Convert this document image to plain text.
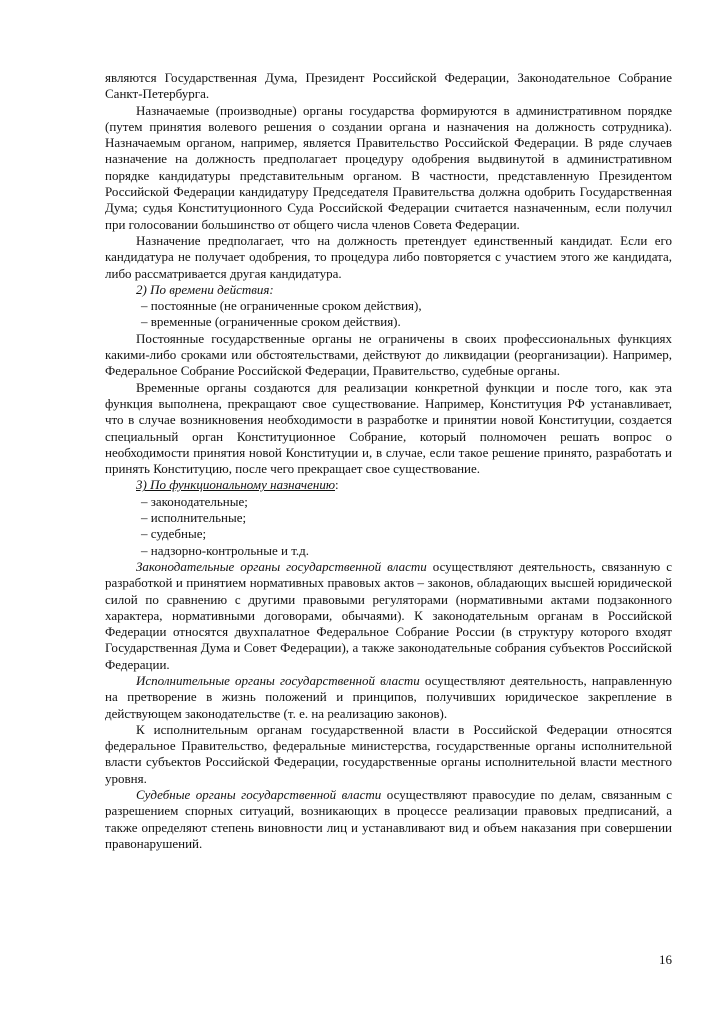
являются Государственная Дума, Президент Российской Федерации, Законодательное Собрание Санкт-Петербурга.

Назначаемые (производные) органы государства формируются в административном порядке (путем принятия волевого решения о создании органа и назначения на должность сотрудника). Назначаемым органом, например, является Правительство Российской Федерации. В ряде случаев назначение на должность предполагает процедуру одобрения выдвинутой в административном порядке кандидатуры представительным органом. В частности, представленную Президентом Российской Федерации кандидатуру Председателя Правительства должна одобрить Государственная Дума; судья Конституционного Суда Российской Федерации считается назначенным, если получил при голосовании большинство от общего числа членов Совета Федерации.

Назначение предполагает, что на должность претендует единственный кандидат. Если его кандидатура не получает одобрения, то процедура либо повторяется с участием этого же кандидата, либо рассматривается другая кандидатура.

2) По времени действия:

– постоянные (не ограниченные сроком действия),

– временные (ограниченные сроком действия).

Постоянные государственные органы не ограничены в своих профессиональных функциях какими-либо сроками или обстоятельствами, действуют до ликвидации (реорганизации). Например, Федеральное Собрание Российской Федерации, Правительство, судебные органы.

Временные органы создаются для реализации конкретной функции и после того, как эта функция выполнена, прекращают свое существование. Например, Конституция РФ устанавливает, что в случае возникновения необходимости в разработке и принятии новой Конституции, создается специальный орган Конституционное Собрание, который полномочен решать вопрос о необходимости принятия новой Конституции и, в случае, если такое решение принято, разработать и принять Конституцию, после чего прекращает свое существование.

3) По функциональному назначению:

– законодательные;

– исполнительные;

– судебные;

– надзорно-контрольные и т.д.

Законодательные органы государственной власти осуществляют деятельность, связанную с разработкой и принятием нормативных правовых актов – законов, обладающих высшей юридической силой по сравнению с другими правовыми регуляторами (нормативными актами подзаконного характера, нормативными договорами, обычаями). К законодательным органам в Российской Федерации относятся двухпалатное Федеральное Собрание России (в структуру которого входят Государственная Дума и Совет Федерации), а также законодательные собрания субъектов Российской Федерации.

Исполнительные органы государственной власти осуществляют деятельность, направленную на претворение в жизнь положений и принципов, получивших юридическое закрепление в действующем законодательстве (т. е. на реализацию законов).

К исполнительным органам государственной власти в Российской Федерации относятся федеральное Правительство, федеральные министерства, государственные органы исполнительной власти субъектов Российской Федерации, государственные органы исполнительной власти местного уровня.

Судебные органы государственной власти осуществляют правосудие по делам, связанным с разрешением спорных ситуаций, возникающих в процессе реализации правовых предписаний, а также определяют степень виновности лиц и устанавливают вид и объем наказания при совершении правонарушений.

16
